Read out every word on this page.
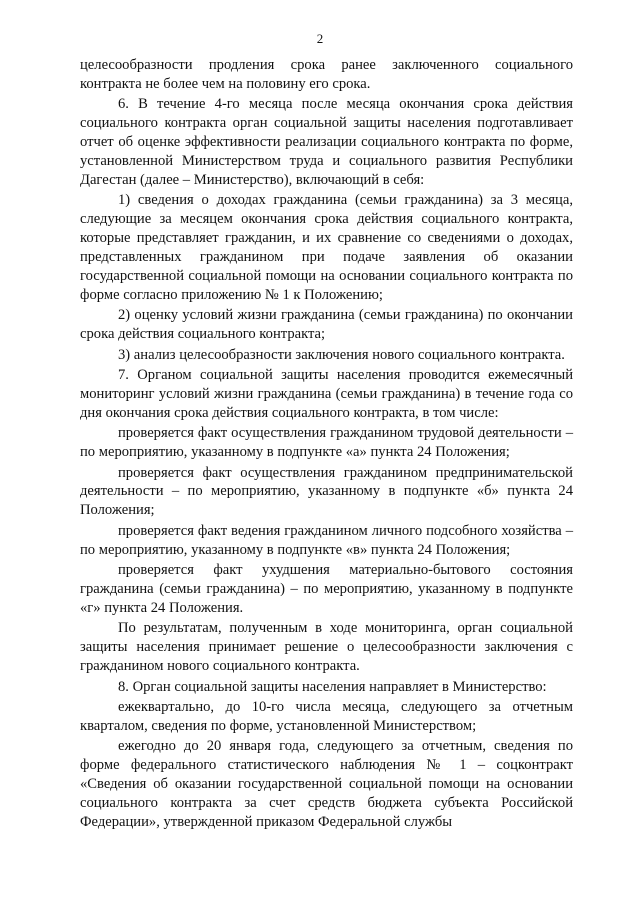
2

целесообразности продления срока ранее заключенного социального контракта не более чем на половину его срока.

6. В течение 4-го месяца после месяца окончания срока действия социального контракта орган социальной защиты населения подготавливает отчет об оценке эффективности реализации социального контракта по форме, установленной Министерством труда и социального развития Республики Дагестан (далее – Министерство), включающий в себя:

1) сведения о доходах гражданина (семьи гражданина) за 3 месяца, следующие за месяцем окончания срока действия социального контракта, которые представляет гражданин, и их сравнение со сведениями о доходах, представленных гражданином при подаче заявления об оказании государственной социальной помощи на основании социального контракта по форме согласно приложению № 1 к Положению;

2) оценку условий жизни гражданина (семьи гражданина) по окончании срока действия социального контракта;

3) анализ целесообразности заключения нового социального контракта.

7. Органом социальной защиты населения проводится ежемесячный мониторинг условий жизни гражданина (семьи гражданина) в течение года со дня окончания срока действия социального контракта, в том числе:

проверяется факт осуществления гражданином трудовой деятельности – по мероприятию, указанному в подпункте «а» пункта 24 Положения;

проверяется факт осуществления гражданином предпринимательской деятельности – по мероприятию, указанному в подпункте «б» пункта 24 Положения;

проверяется факт ведения гражданином личного подсобного хозяйства – по мероприятию, указанному в подпункте «в» пункта 24 Положения;

проверяется факт ухудшения материально-бытового состояния гражданина (семьи гражданина) – по мероприятию, указанному в подпункте «г» пункта 24 Положения.

По результатам, полученным в ходе мониторинга, орган социальной защиты населения принимает решение о целесообразности заключения с гражданином нового социального контракта.

8. Орган социальной защиты населения направляет в Министерство:

ежеквартально, до 10-го числа месяца, следующего за отчетным кварталом, сведения по форме, установленной Министерством;

ежегодно до 20 января года, следующего за отчетным, сведения по форме федерального статистического наблюдения № 1 – соцконтракт «Сведения об оказании государственной социальной помощи на основании социального контракта за счет средств бюджета субъекта Российской Федерации», утвержденной приказом Федеральной службы
